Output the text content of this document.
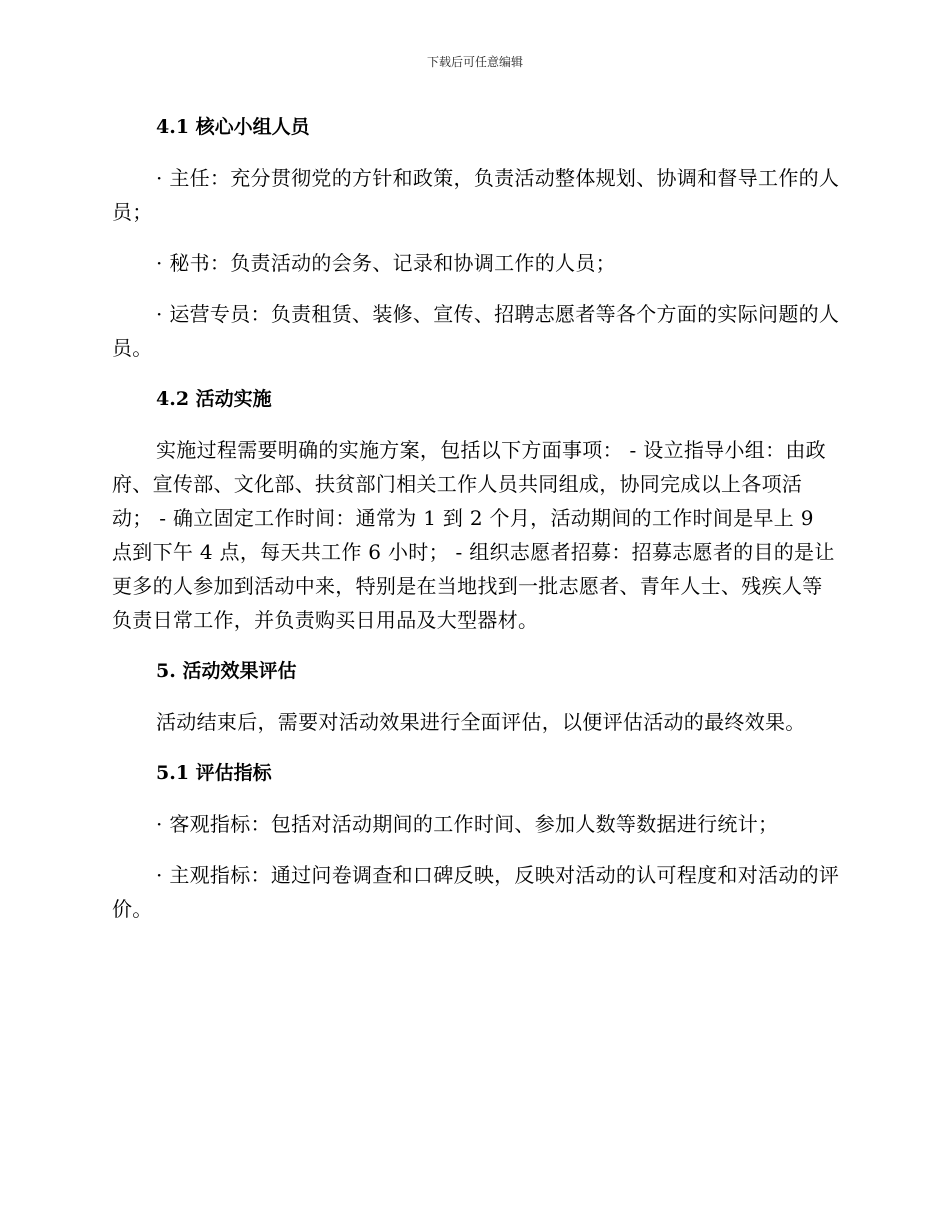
下载后可任意编辑
4.1 核心小组人员
· 主任：充分贯彻党的方针和政策，负责活动整体规划、协调和督导工作的人员；
· 秘书：负责活动的会务、记录和协调工作的人员；
· 运营专员：负责租赁、装修、宣传、招聘志愿者等各个方面的实际问题的人员。
4.2 活动实施
实施过程需要明确的实施方案，包括以下方面事项： - 设立指导小组：由政府、宣传部、文化部、扶贫部门相关工作人员共同组成，协同完成以上各项活动； - 确立固定工作时间：通常为 1 到 2 个月，活动期间的工作时间是早上 9 点到下午 4 点，每天共工作 6 小时； - 组织志愿者招募：招募志愿者的目的是让更多的人参加到活动中来，特别是在当地找到一批志愿者、青年人士、残疾人等负责日常工作，并负责购买日用品及大型器材。
5. 活动效果评估
活动结束后，需要对活动效果进行全面评估，以便评估活动的最终效果。
5.1 评估指标
· 客观指标：包括对活动期间的工作时间、参加人数等数据进行统计；
· 主观指标：通过问卷调查和口碑反映，反映对活动的认可程度和对活动的评价。
